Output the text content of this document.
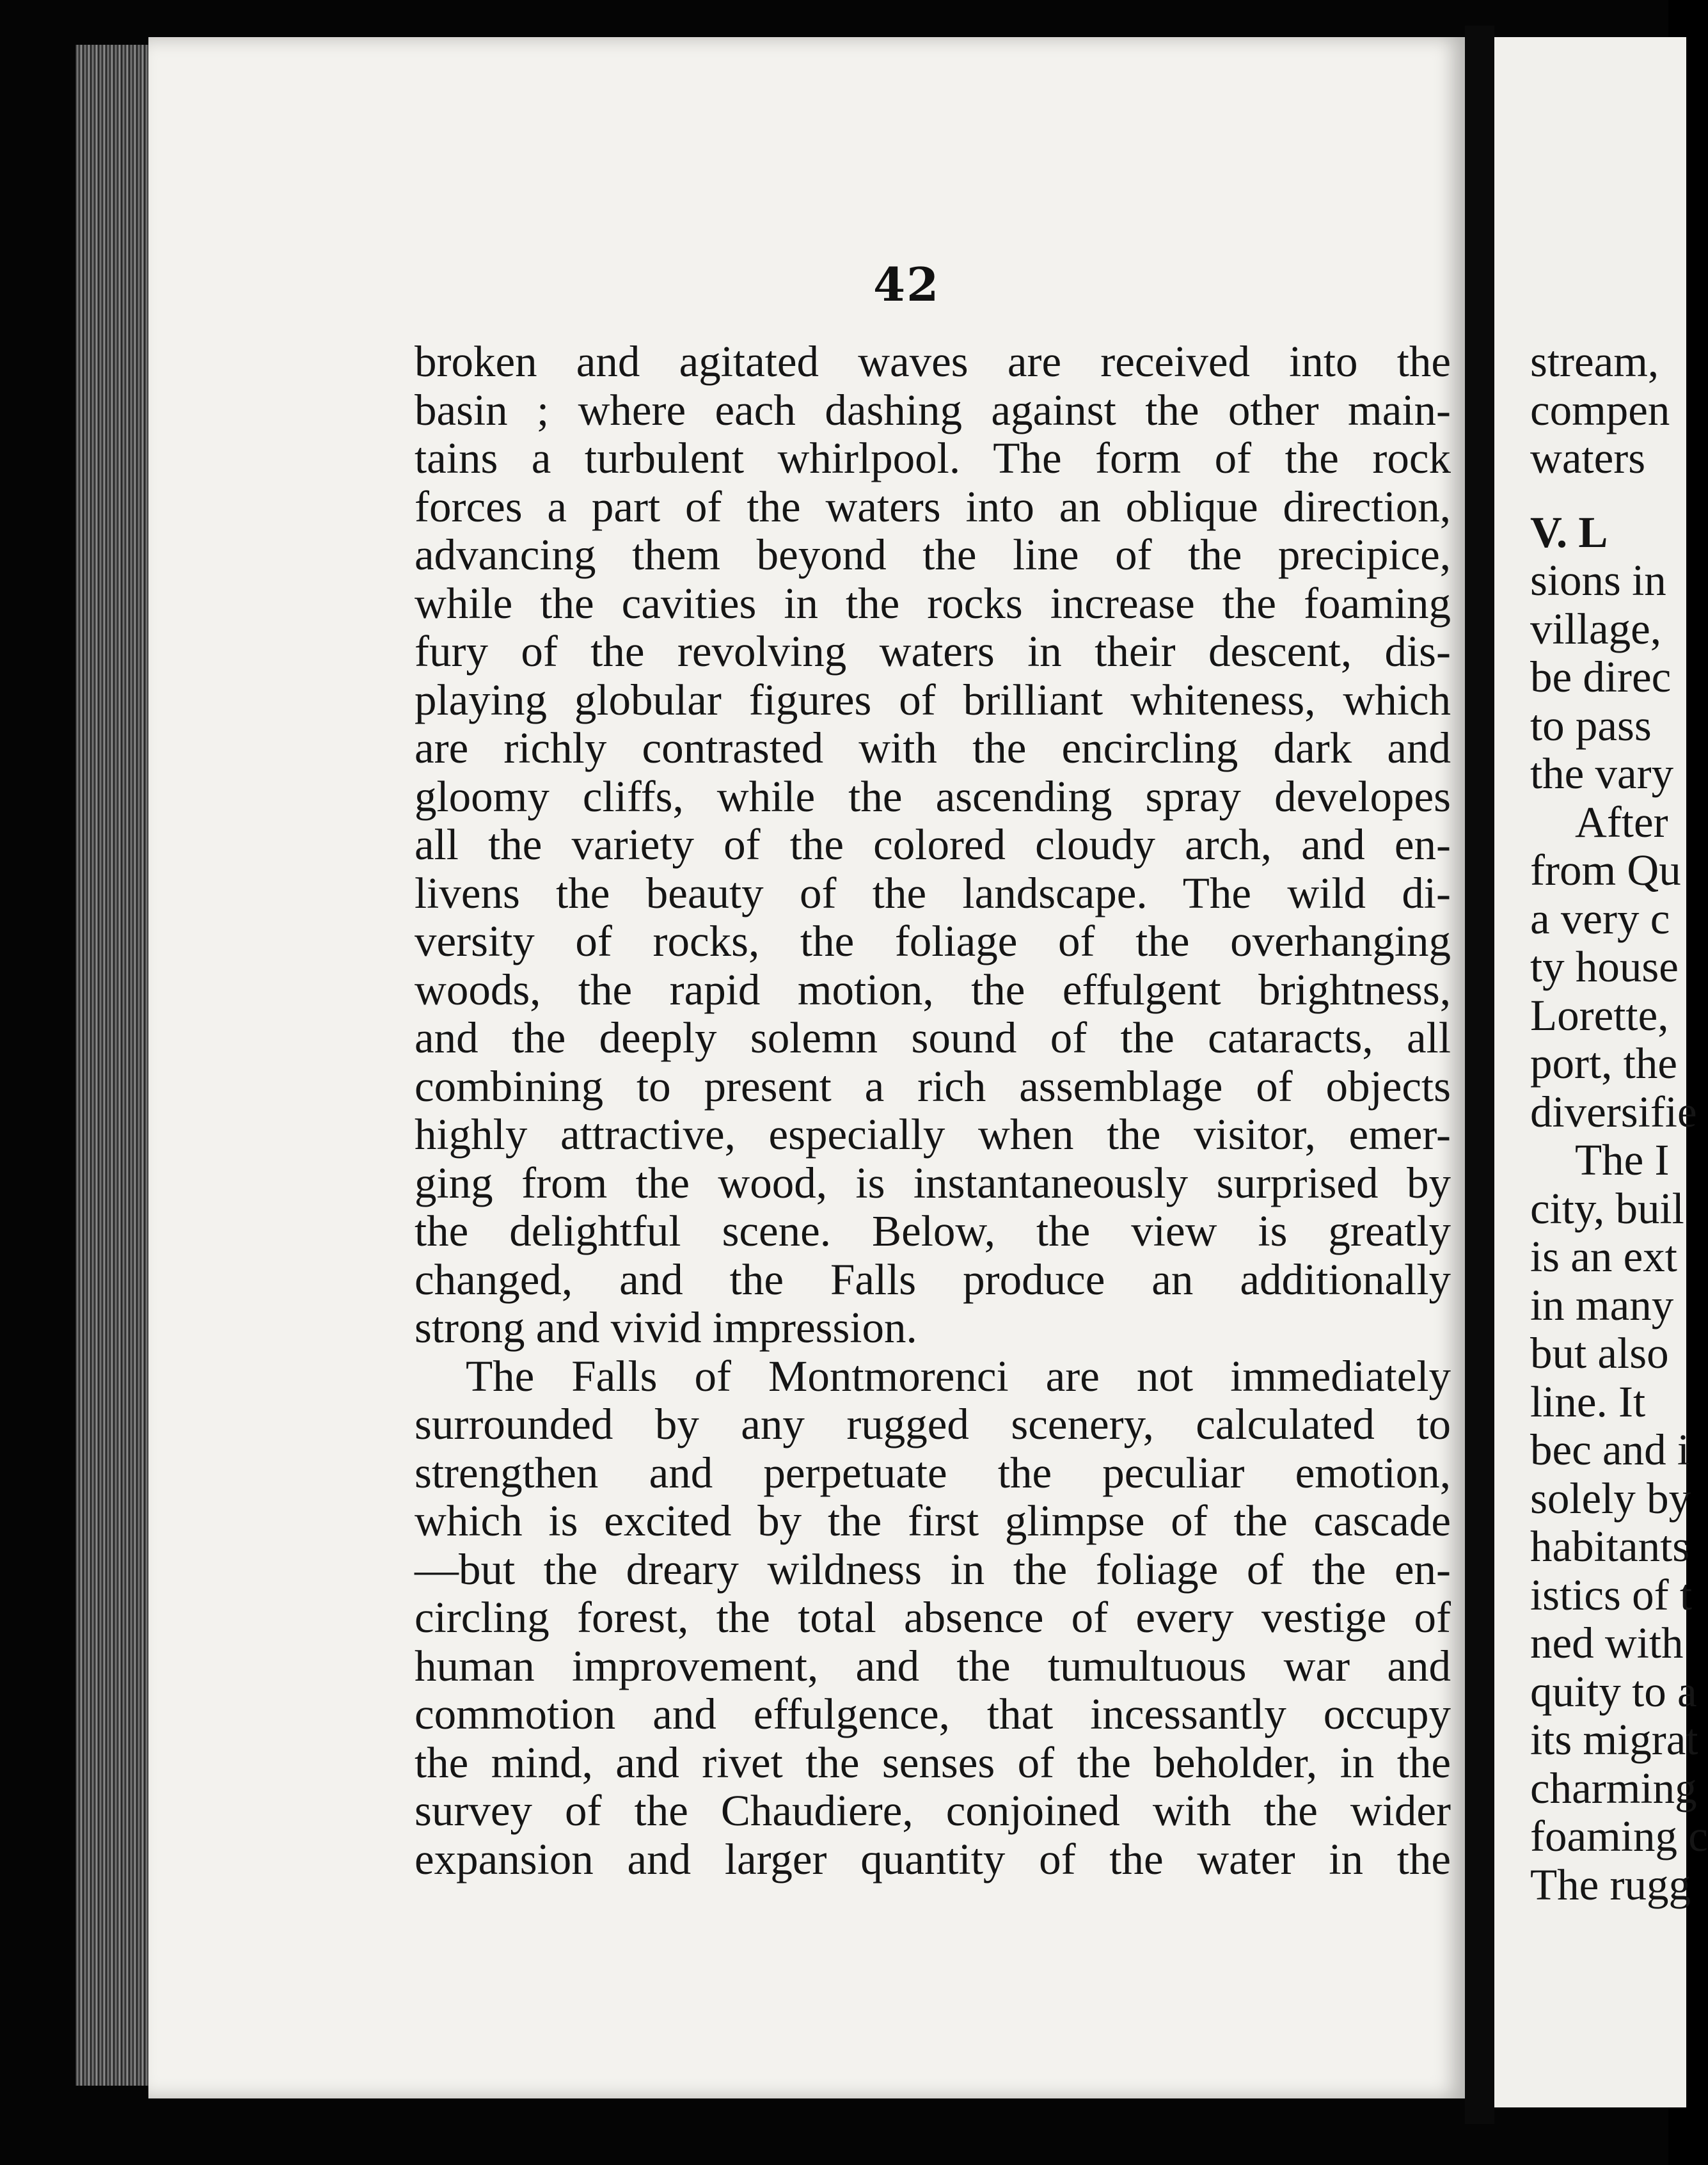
42
broken and agitated waves are received into the
basin ; where each dashing against the other main-
tains a turbulent whirlpool. The form of the rock
forces a part of the waters into an oblique direction,
advancing them beyond the line of the precipice,
while the cavities in the rocks increase the foaming
fury of the revolving waters in their descent, dis-
playing globular figures of brilliant whiteness, which
are richly contrasted with the encircling dark and
gloomy cliffs, while the ascending spray developes
all the variety of the colored cloudy arch, and en-
livens the beauty of the landscape. The wild di-
versity of rocks, the foliage of the overhanging
woods, the rapid motion, the effulgent brightness,
and the deeply solemn sound of the cataracts, all
combining to present a rich assemblage of objects
highly attractive, especially when the visitor, emer-
ging from the wood, is instantaneously surprised by
the delightful scene. Below, the view is greatly
changed, and the Falls produce an additionally
strong and vivid impression.
The Falls of Montmorenci are not immediately
surrounded by any rugged scenery, calculated to
strengthen and perpetuate the peculiar emotion,
which is excited by the first glimpse of the cascade
—but the dreary wildness in the foliage of the en-
circling forest, the total absence of every vestige of
human improvement, and the tumultuous war and
commotion and effulgence, that incessantly occupy
the mind, and rivet the senses of the beholder, in the
survey of the Chaudiere, conjoined with the wider
expansion and larger quantity of the water in the
stream,
compen
waters
V. L
sions in
village,
be direc
to pass
the vary
After
from Qu
a very c
ty house
Lorette,
port, the
diversifie
The I
city, buil
is an ext
in many
but also
line. It
bec and i
solely by
habitants
istics of t
ned with
quity to a
its migrat
charming
foaming c
The rugg
